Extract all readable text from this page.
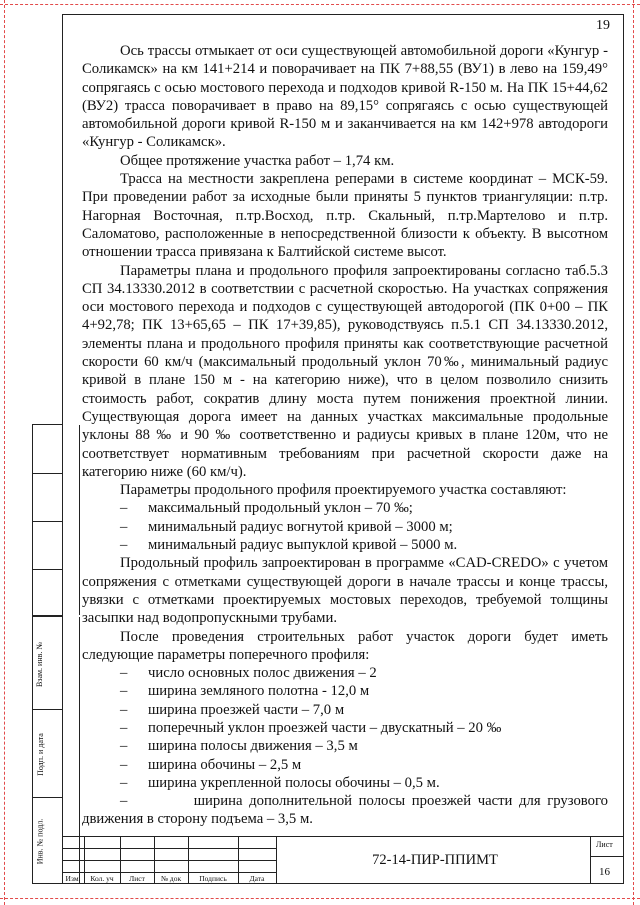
19

Ось трассы отмыкает от оси существующей автомобильной дороги «Кунгур - Соликамск» на км 141+214 и поворачивает на ПК 7+88,55 (ВУ1) в лево на 159,49° сопрягаясь с осью мостового перехода и подходов кривой R-150 м. На ПК 15+44,62 (ВУ2) трасса поворачивает в право на 89,15° сопрягаясь с осью существующей автомобильной дороги кривой R-150 м и заканчивается на км 142+978 автодороги «Кунгур - Соликамск».

Общее протяжение участка работ – 1,74 км.

Трасса на местности закреплена реперами в системе координат – МСК-59. При проведении работ за исходные были приняты 5 пунктов триангуляции: п.тр. Нагорная Восточная, п.тр.Восход, п.тр. Скальный, п.тр.Мартелово и п.тр. Саломатово, расположенные в непосредственной близости к объекту. В высотном отношении трасса привязана к Балтийской системе высот.

Параметры плана и продольного профиля запроектированы согласно таб.5.3 СП 34.13330.2012 в соответствии с расчетной скоростью. На участках сопряжения оси мостового перехода и подходов с существующей автодорогой (ПК 0+00 – ПК 4+92,78; ПК 13+65,65 – ПК 17+39,85), руководствуясь п.5.1 СП 34.13330.2012, элементы плана и продольного профиля приняты как соответствующие расчетной скорости 60 км/ч (максимальный продольный уклон 70‰, минимальный радиус кривой в плане 150 м - на категорию ниже), что в целом позволило снизить стоимость работ, сократив длину моста путем понижения проектной линии. Существующая дорога имеет на данных участках максимальные продольные уклоны 88 ‰ и 90 ‰ соответственно и радиусы кривых в плане 120м, что не соответствует нормативным требованиям при расчетной скорости даже на категорию ниже (60 км/ч).

Параметры продольного профиля проектируемого участка составляют:

–	максимальный продольный уклон – 70 ‰;
–	минимальный радиус вогнутой кривой – 3000 м;
–	минимальный радиус выпуклой кривой – 5000 м.

Продольный профиль запроектирован в программе «CAD-CREDO» с учетом сопряжения с отметками существующей дороги в начале трассы и конце трассы, увязки с отметками проектируемых мостовых переходов, требуемой толщины засыпки над водопропускными трубами.

После проведения строительных работ участок дороги будет иметь следующие параметры поперечного профиля:

–	число основных полос движения – 2
–	ширина земляного полотна - 12,0 м
–	ширина проезжей части – 7,0 м
–	поперечный уклон проезжей части – двускатный – 20 ‰
–	ширина полосы движения – 3,5 м
–	ширина обочины – 2,5 м
–	ширина укрепленной полосы обочины – 0,5 м.

–          ширина дополнительной полосы проезжей части для грузового движения в сторону подъема – 3,5 м.

Взам. инв. №
Подп. и дата
Инв. № подл.
Изм.	Кол. уч	Лист	№ док	Подпись	Дата
72-14-ПИР-ППИМТ
Лист
16
